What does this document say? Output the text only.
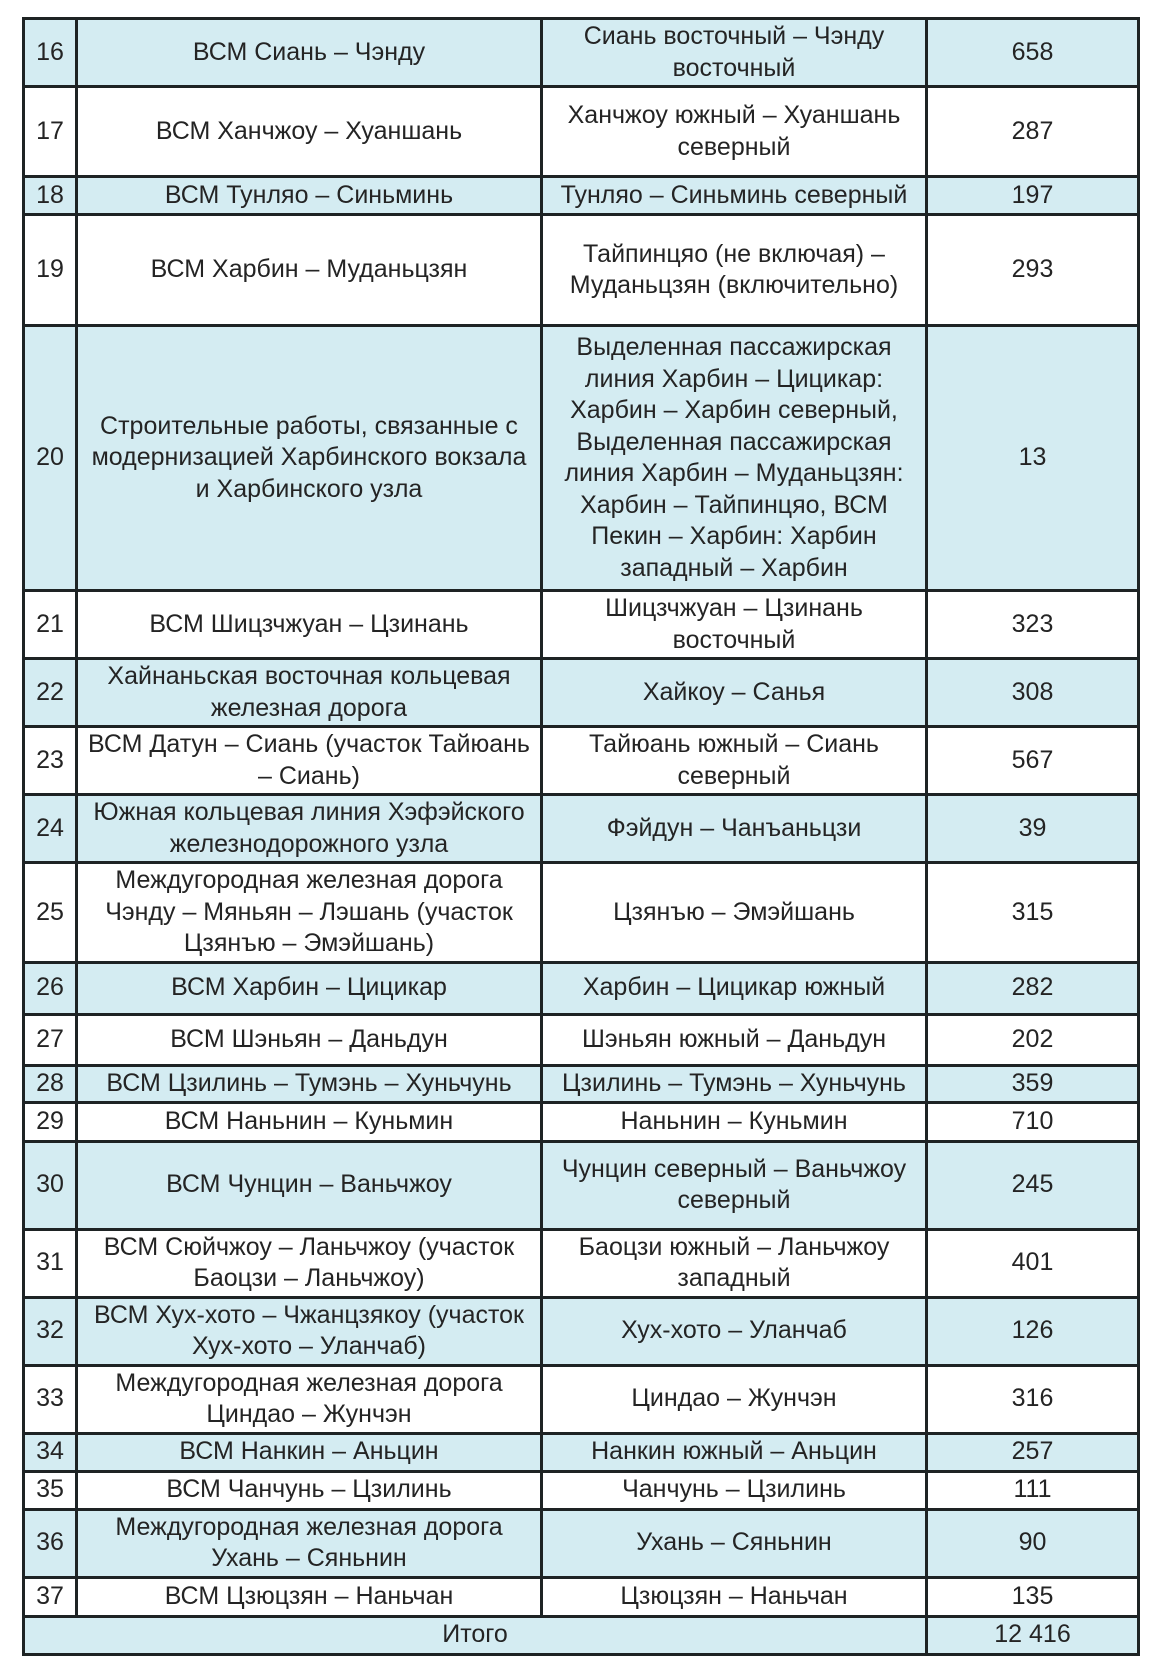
16	ВСМ Сиань – Чэнду	Сиань восточный – Чэнду восточный	658
17	ВСМ Ханчжоу – Хуаншань	Ханчжоу южный – Хуаншань северный	287
18	ВСМ Тунляо – Синьминь	Тунляо – Синьминь северный	197
19	ВСМ Харбин – Муданьцзян	Тайпинцяо (не включая) – Муданьцзян (включительно)	293
20	Строительные работы, связанные с модернизацией Харбинского вокзала и Харбинского узла	Выделенная пассажирская линия Харбин – Цицикар: Харбин – Харбин северный, Выделенная пассажирская линия Харбин – Муданьцзян: Харбин – Тайпинцяо, ВСМ Пекин – Харбин: Харбин западный – Харбин	13
21	ВСМ Шицзчжуан – Цзинань	Шицзчжуан – Цзинань восточный	323
22	Хайнаньская восточная кольцевая железная дорога	Хайкоу – Санья	308
23	ВСМ Датун – Сиань (участок Тайюань – Сиань)	Тайюань южный – Сиань северный	567
24	Южная кольцевая линия Хэфэйского железнодорожного узла	Фэйдун – Чанъаньцзи	39
25	Междугородная железная дорога Чэнду – Мяньян – Лэшань (участок Цзянъю – Эмэйшань)	Цзянъю – Эмэйшань	315
26	ВСМ Харбин – Цицикар	Харбин – Цицикар южный	282
27	ВСМ Шэньян – Даньдун	Шэньян южный – Даньдун	202
28	ВСМ Цзилинь – Тумэнь – Хуньчунь	Цзилинь – Тумэнь – Хуньчунь	359
29	ВСМ Наньнин – Куньмин	Наньнин – Куньмин	710
30	ВСМ Чунцин – Ваньчжоу	Чунцин северный – Ваньчжоу северный	245
31	ВСМ Сюйчжоу – Ланьчжоу (участок Баоцзи – Ланьчжоу)	Баоцзи южный – Ланьчжоу западный	401
32	ВСМ Хух-хото – Чжанцзякоу (участок Хух-хото – Уланчаб)	Хух-хото – Уланчаб	126
33	Междугородная железная дорога Циндао – Жунчэн	Циндао – Жунчэн	316
34	ВСМ Нанкин – Аньцин	Нанкин южный – Аньцин	257
35	ВСМ Чанчунь – Цзилинь	Чанчунь – Цзилинь	111
36	Междугородная железная дорога Ухань – Сяньнин	Ухань – Сяньнин	90
37	ВСМ Цзюцзян – Наньчан	Цзюцзян – Наньчан	135
Итого			12 416
